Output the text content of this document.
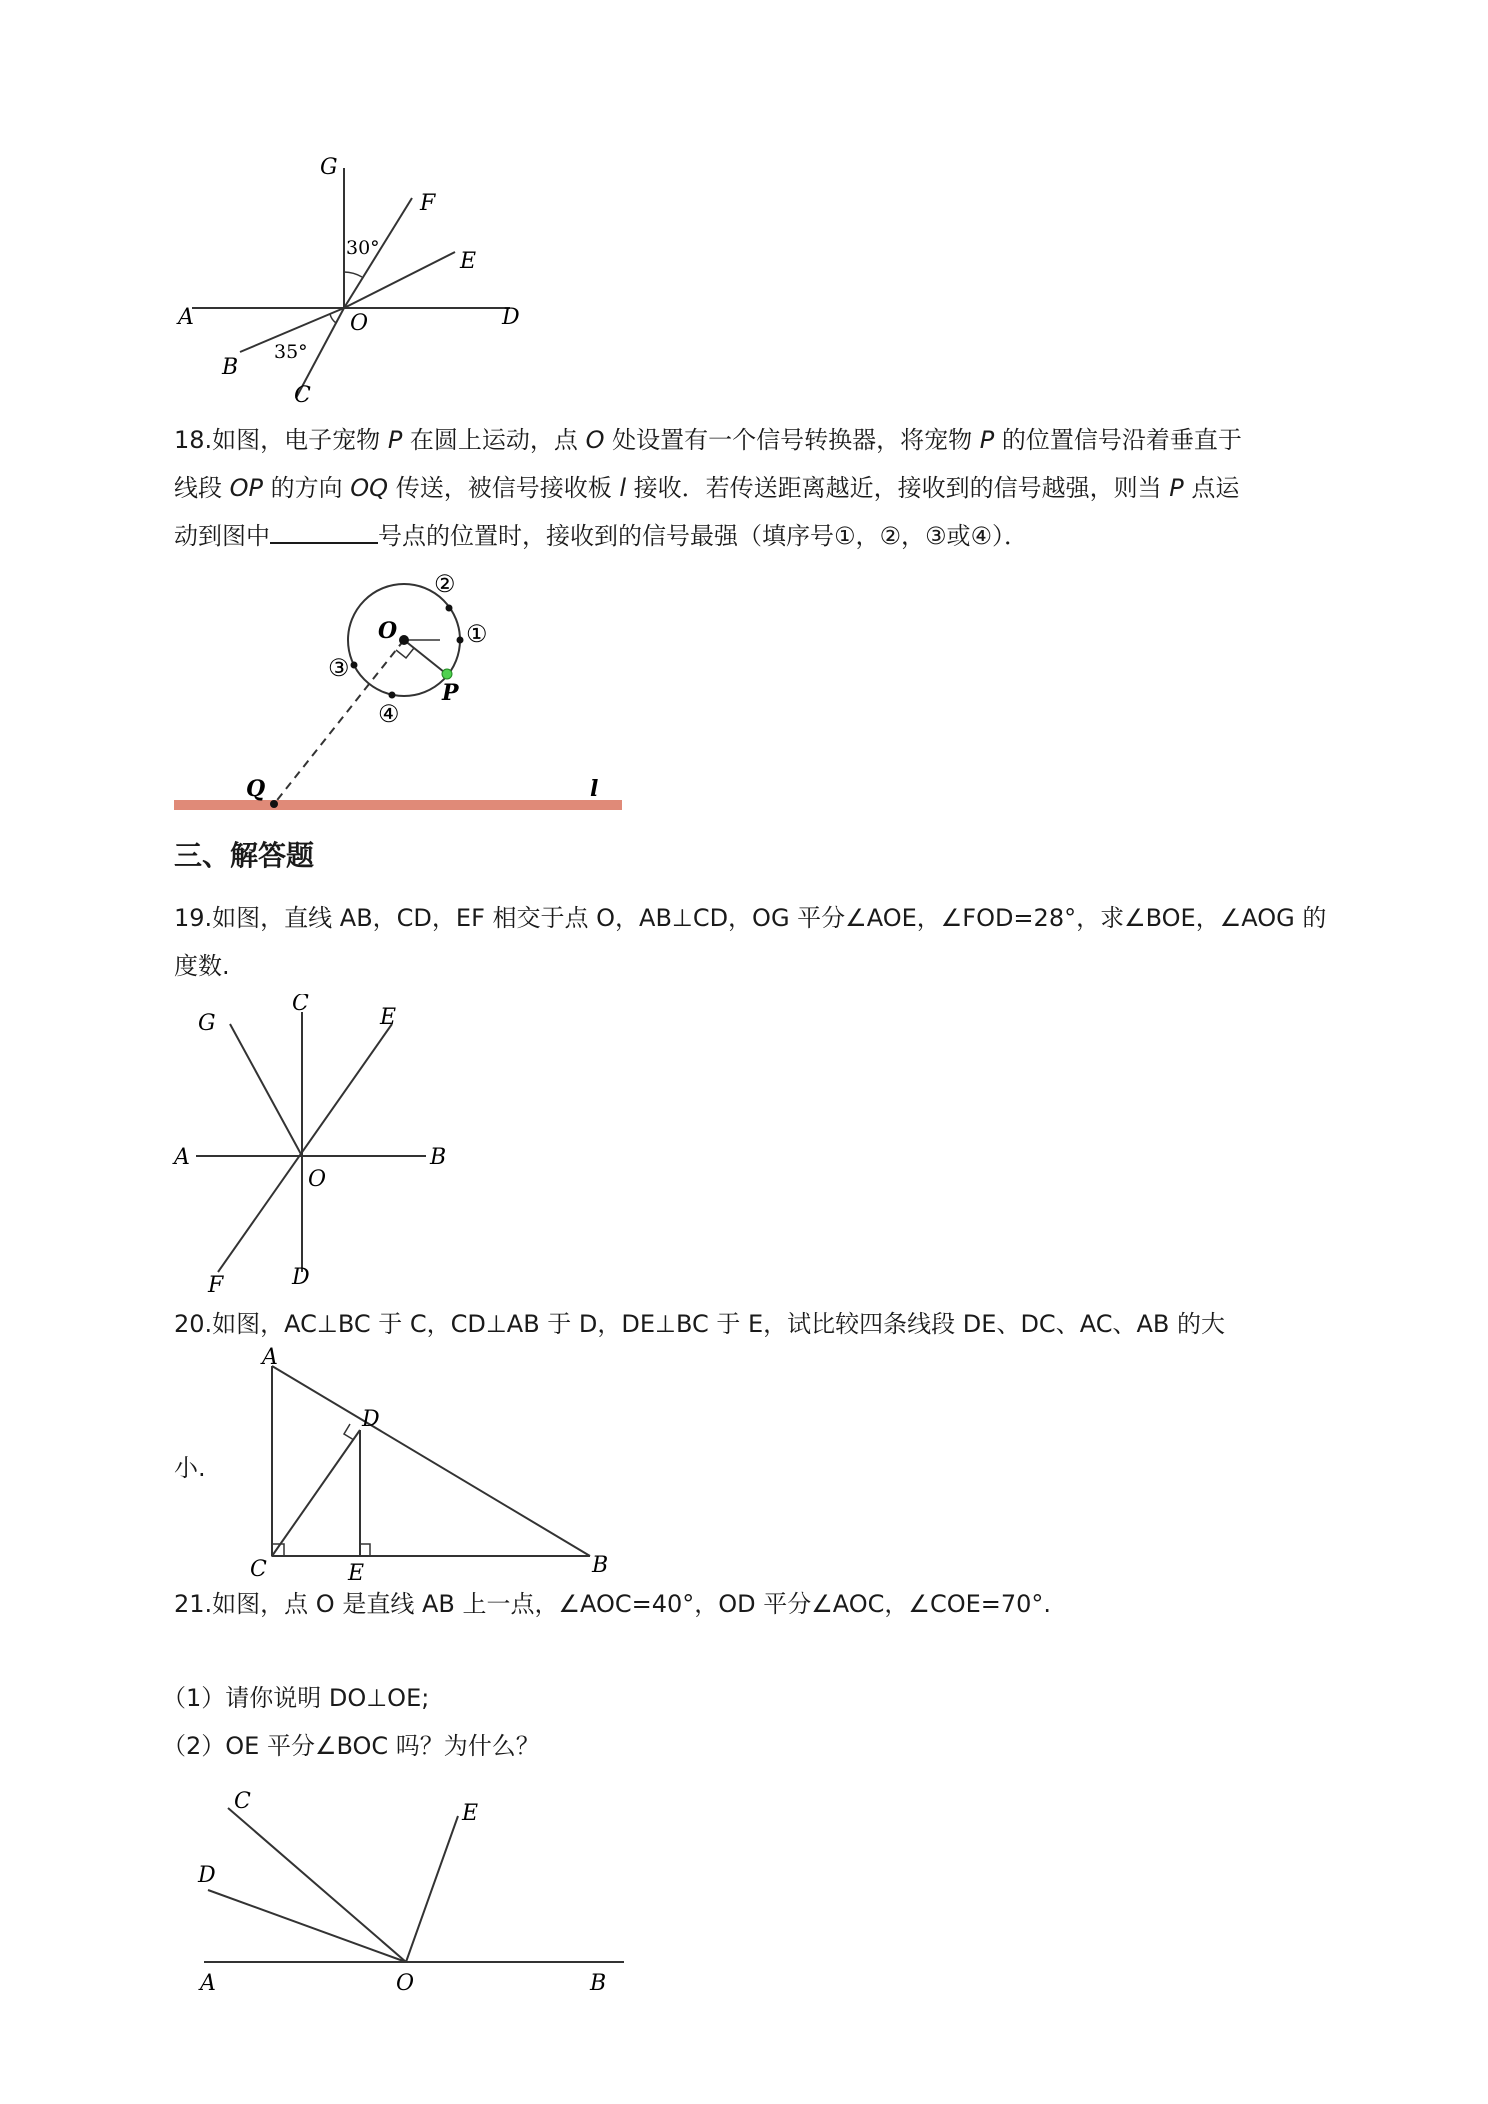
G
F
E
A	O	D
B
C
30°
35°
18.如图，电子宠物 P 在圆上运动，点 O 处设置有一个信号转换器，将宠物 P 的位置信号沿着垂直于
线段 OP 的方向 OQ 传送，被信号接收板 l 接收．若传送距离越近，接收到的信号越强，则当 P 点运
动到图中	号点的位置时，接收到的信号最强（填序号①，②，③或④）．
O
P
Q	l
②
①
③
④
三、解答题
19.如图，直线 AB，CD，EF 相交于点 O，AB⊥CD，OG 平分∠AOE，∠FOD=28°，求∠BOE，∠AOG 的
度数.
G
C
E
A	B
O
F	D
20.如图，AC⊥BC 于 C，CD⊥AB 于 D，DE⊥BC 于 E，试比较四条线段 DE、DC、AC、AB 的大
小.
A
D
C	E	B
21.如图，点 O 是直线 AB 上一点，∠AOC=40°，OD 平分∠AOC，∠COE=70°.
（1）请你说明 DO⊥OE;
（2）OE 平分∠BOC 吗？为什么？
C	E
D
A	O	B
